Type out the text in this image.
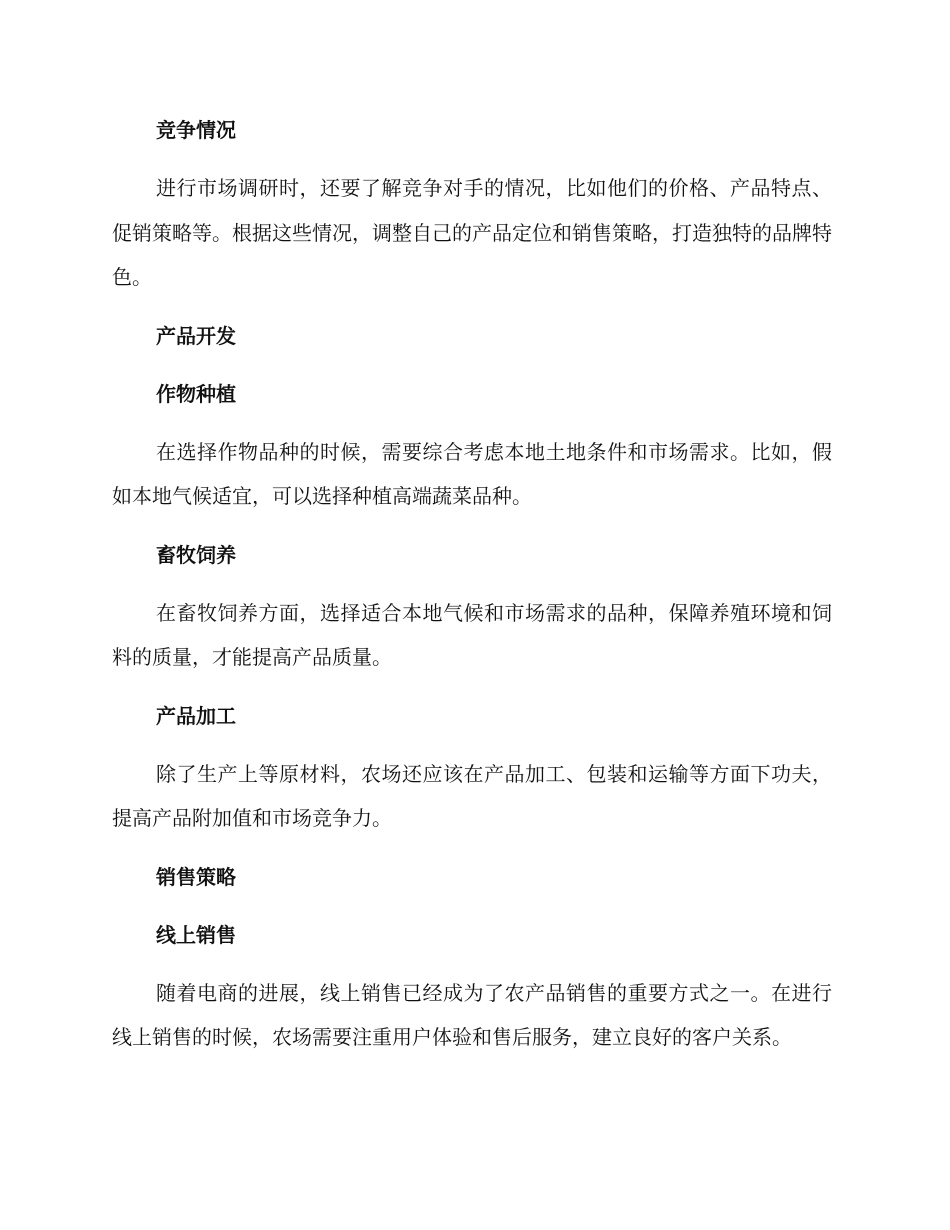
竞争情况

进行市场调研时，还要了解竞争对手的情况，比如他们的价格、产品特点、促销策略等。根据这些情况，调整自己的产品定位和销售策略，打造独特的品牌特色。

产品开发
作物种植

在选择作物品种的时候，需要综合考虑本地土地条件和市场需求。比如，假如本地气候适宜，可以选择种植高端蔬菜品种。

畜牧饲养

在畜牧饲养方面，选择适合本地气候和市场需求的品种，保障养殖环境和饲料的质量，才能提高产品质量。

产品加工

除了生产上等原材料，农场还应该在产品加工、包装和运输等方面下功夫，提高产品附加值和市场竞争力。

销售策略
线上销售

随着电商的进展，线上销售已经成为了农产品销售的重要方式之一。在进行线上销售的时候，农场需要注重用户体验和售后服务，建立良好的客户关系。
